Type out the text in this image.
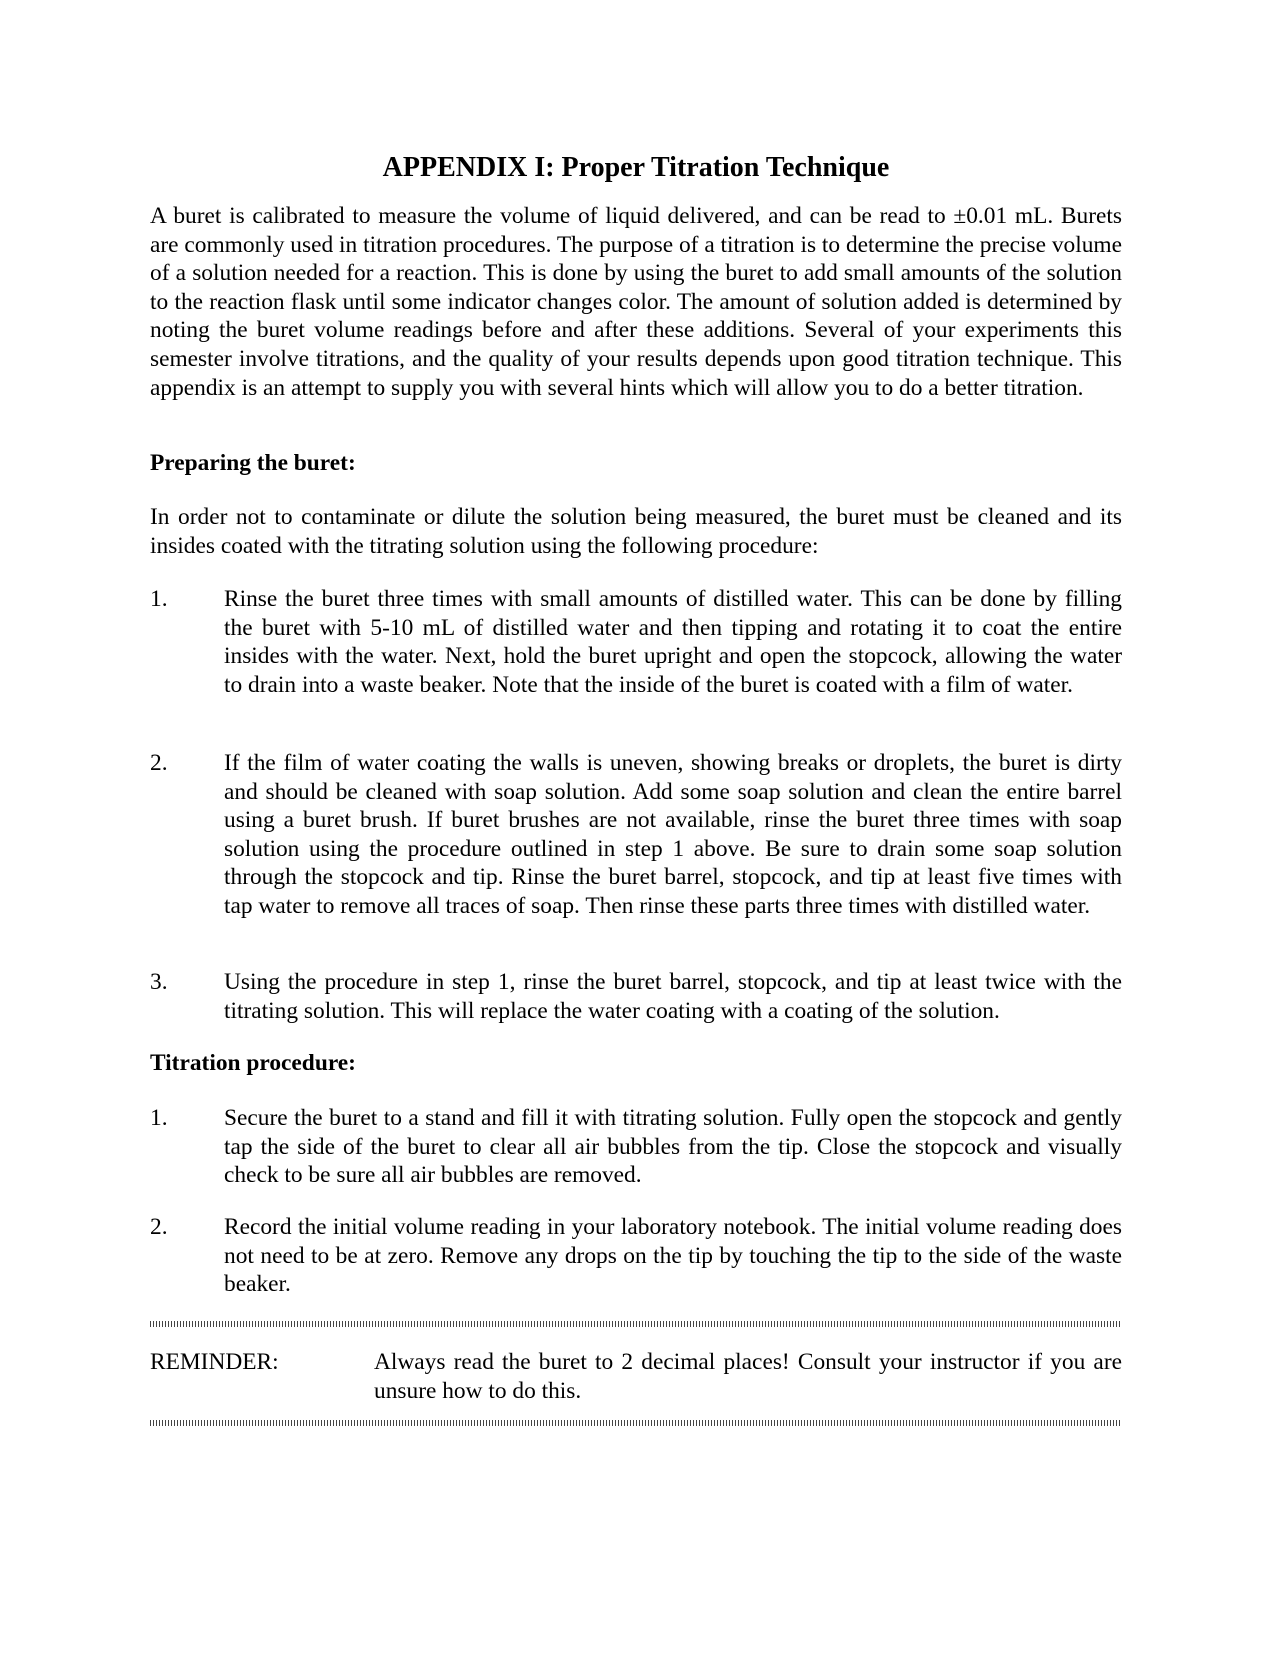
APPENDIX I: Proper Titration Technique

A buret is calibrated to measure the volume of liquid delivered, and can be read to ±0.01 mL. Burets are commonly used in titration procedures. The purpose of a titration is to determine the precise volume of a solution needed for a reaction. This is done by using the buret to add small amounts of the solution to the reaction flask until some indicator changes color. The amount of solution added is determined by noting the buret volume readings before and after these additions. Several of your experiments this semester involve titrations, and the quality of your results depends upon good titration technique. This appendix is an attempt to supply you with several hints which will allow you to do a better titration.

Preparing the buret:

In order not to contaminate or dilute the solution being measured, the buret must be cleaned and its insides coated with the titrating solution using the following procedure:

1. Rinse the buret three times with small amounts of distilled water. This can be done by filling the buret with 5-10 mL of distilled water and then tipping and rotating it to coat the entire insides with the water. Next, hold the buret upright and open the stopcock, allowing the water to drain into a waste beaker. Note that the inside of the buret is coated with a film of water.

2. If the film of water coating the walls is uneven, showing breaks or droplets, the buret is dirty and should be cleaned with soap solution. Add some soap solution and clean the entire barrel using a buret brush. If buret brushes are not available, rinse the buret three times with soap solution using the procedure outlined in step 1 above. Be sure to drain some soap solution through the stopcock and tip. Rinse the buret barrel, stopcock, and tip at least five times with tap water to remove all traces of soap. Then rinse these parts three times with distilled water.

3. Using the procedure in step 1, rinse the buret barrel, stopcock, and tip at least twice with the titrating solution. This will replace the water coating with a coating of the solution.

Titration procedure:
1. Secure the buret to a stand and fill it with titrating solution. Fully open the stopcock and gently tap the side of the buret to clear all air bubbles from the tip. Close the stopcock and visually check to be sure all air bubbles are removed.

2. Record the initial volume reading in your laboratory notebook. The initial volume reading does not need to be at zero. Remove any drops on the tip by touching the tip to the side of the waste beaker.

REMINDER:	Always read the buret to 2 decimal places! Consult your instructor if you are unsure how to do this.
